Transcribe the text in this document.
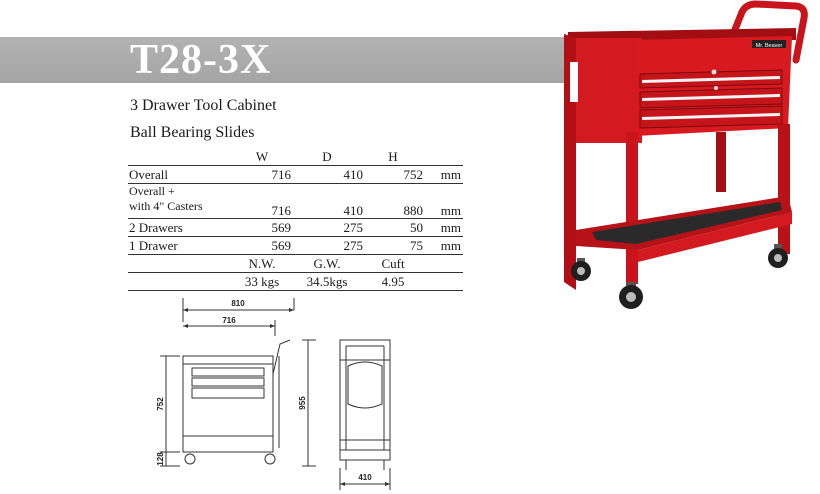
T28-3X
3 Drawer Tool Cabinet
Ball Bearing Slides
	W	D	H	
Overall	716	410	752	mm

Overall +
with 4" Casters	716	410	880	mm
2 Drawers	569	275	50	mm
1 Drawer	569	275	75	mm
	N.W.	G.W.	Cuft	
	33 kgs	34.5kgs	4.95	
Mr. Beaver
810
716
752
128
955
410
